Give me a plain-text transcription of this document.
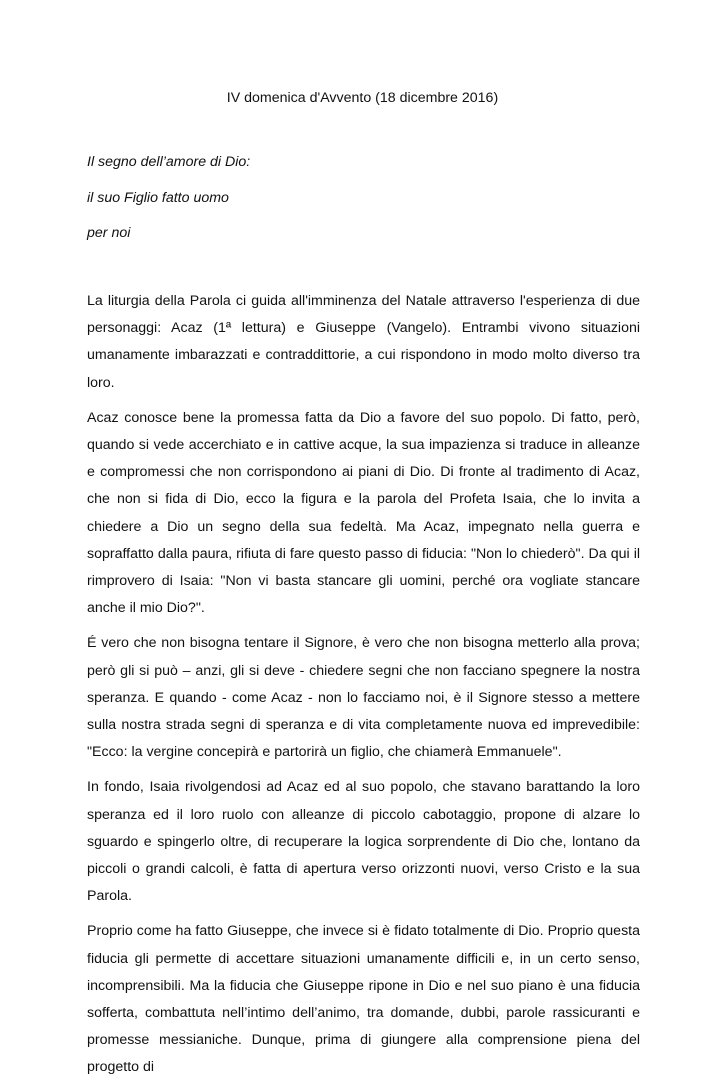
IV domenica d'Avvento (18 dicembre 2016)
Il segno dell’amore di Dio:
il suo Figlio fatto uomo
per noi

La liturgia della Parola ci guida all'imminenza del Natale attraverso l'esperienza di due personaggi: Acaz (1ª lettura) e Giuseppe (Vangelo). Entrambi vivono situazioni umanamente imbarazzati e contraddittorie, a cui rispondono in modo molto diverso tra loro.

Acaz conosce bene la promessa fatta da Dio a favore del suo popolo. Di fatto, però, quando si vede accerchiato e in cattive acque, la sua impazienza si traduce in alleanze e compromessi che non corrispondono ai piani di Dio. Di fronte al tradimento di Acaz, che non si fida di Dio, ecco la figura e la parola del Profeta Isaia, che lo invita a chiedere a Dio un segno della sua fedeltà. Ma Acaz, impegnato nella guerra e sopraffatto dalla paura, rifiuta di fare questo passo di fiducia: "Non lo chiederò". Da qui il rimprovero di Isaia: "Non vi basta stancare gli uomini, perché ora vogliate stancare anche il mio Dio?".

É vero che non bisogna tentare il Signore, è vero che non bisogna metterlo alla prova; però gli si può – anzi, gli si deve - chiedere segni che non facciano spegnere la nostra speranza. E quando - come Acaz - non lo facciamo noi, è il Signore stesso a mettere sulla nostra strada segni di speranza e di vita completamente nuova ed imprevedibile: "Ecco: la vergine concepirà e partorirà un figlio, che chiamerà Emmanuele".

In fondo, Isaia rivolgendosi ad Acaz ed al suo popolo, che stavano barattando la loro speranza ed il loro ruolo con alleanze di piccolo cabotaggio, propone di alzare lo sguardo e spingerlo oltre, di recuperare la logica sorprendente di Dio che, lontano da piccoli o grandi calcoli, è fatta di apertura verso orizzonti nuovi, verso Cristo e la sua Parola.

Proprio come ha fatto Giuseppe, che invece si è fidato totalmente di Dio. Proprio questa fiducia gli permette di accettare situazioni umanamente difficili e, in un certo senso, incomprensibili. Ma la fiducia che Giuseppe ripone in Dio e nel suo piano è una fiducia sofferta, combattuta nell’intimo dell’animo, tra domande, dubbi, parole rassicuranti e promesse messianiche. Dunque, prima di giungere alla comprensione piena del progetto di
